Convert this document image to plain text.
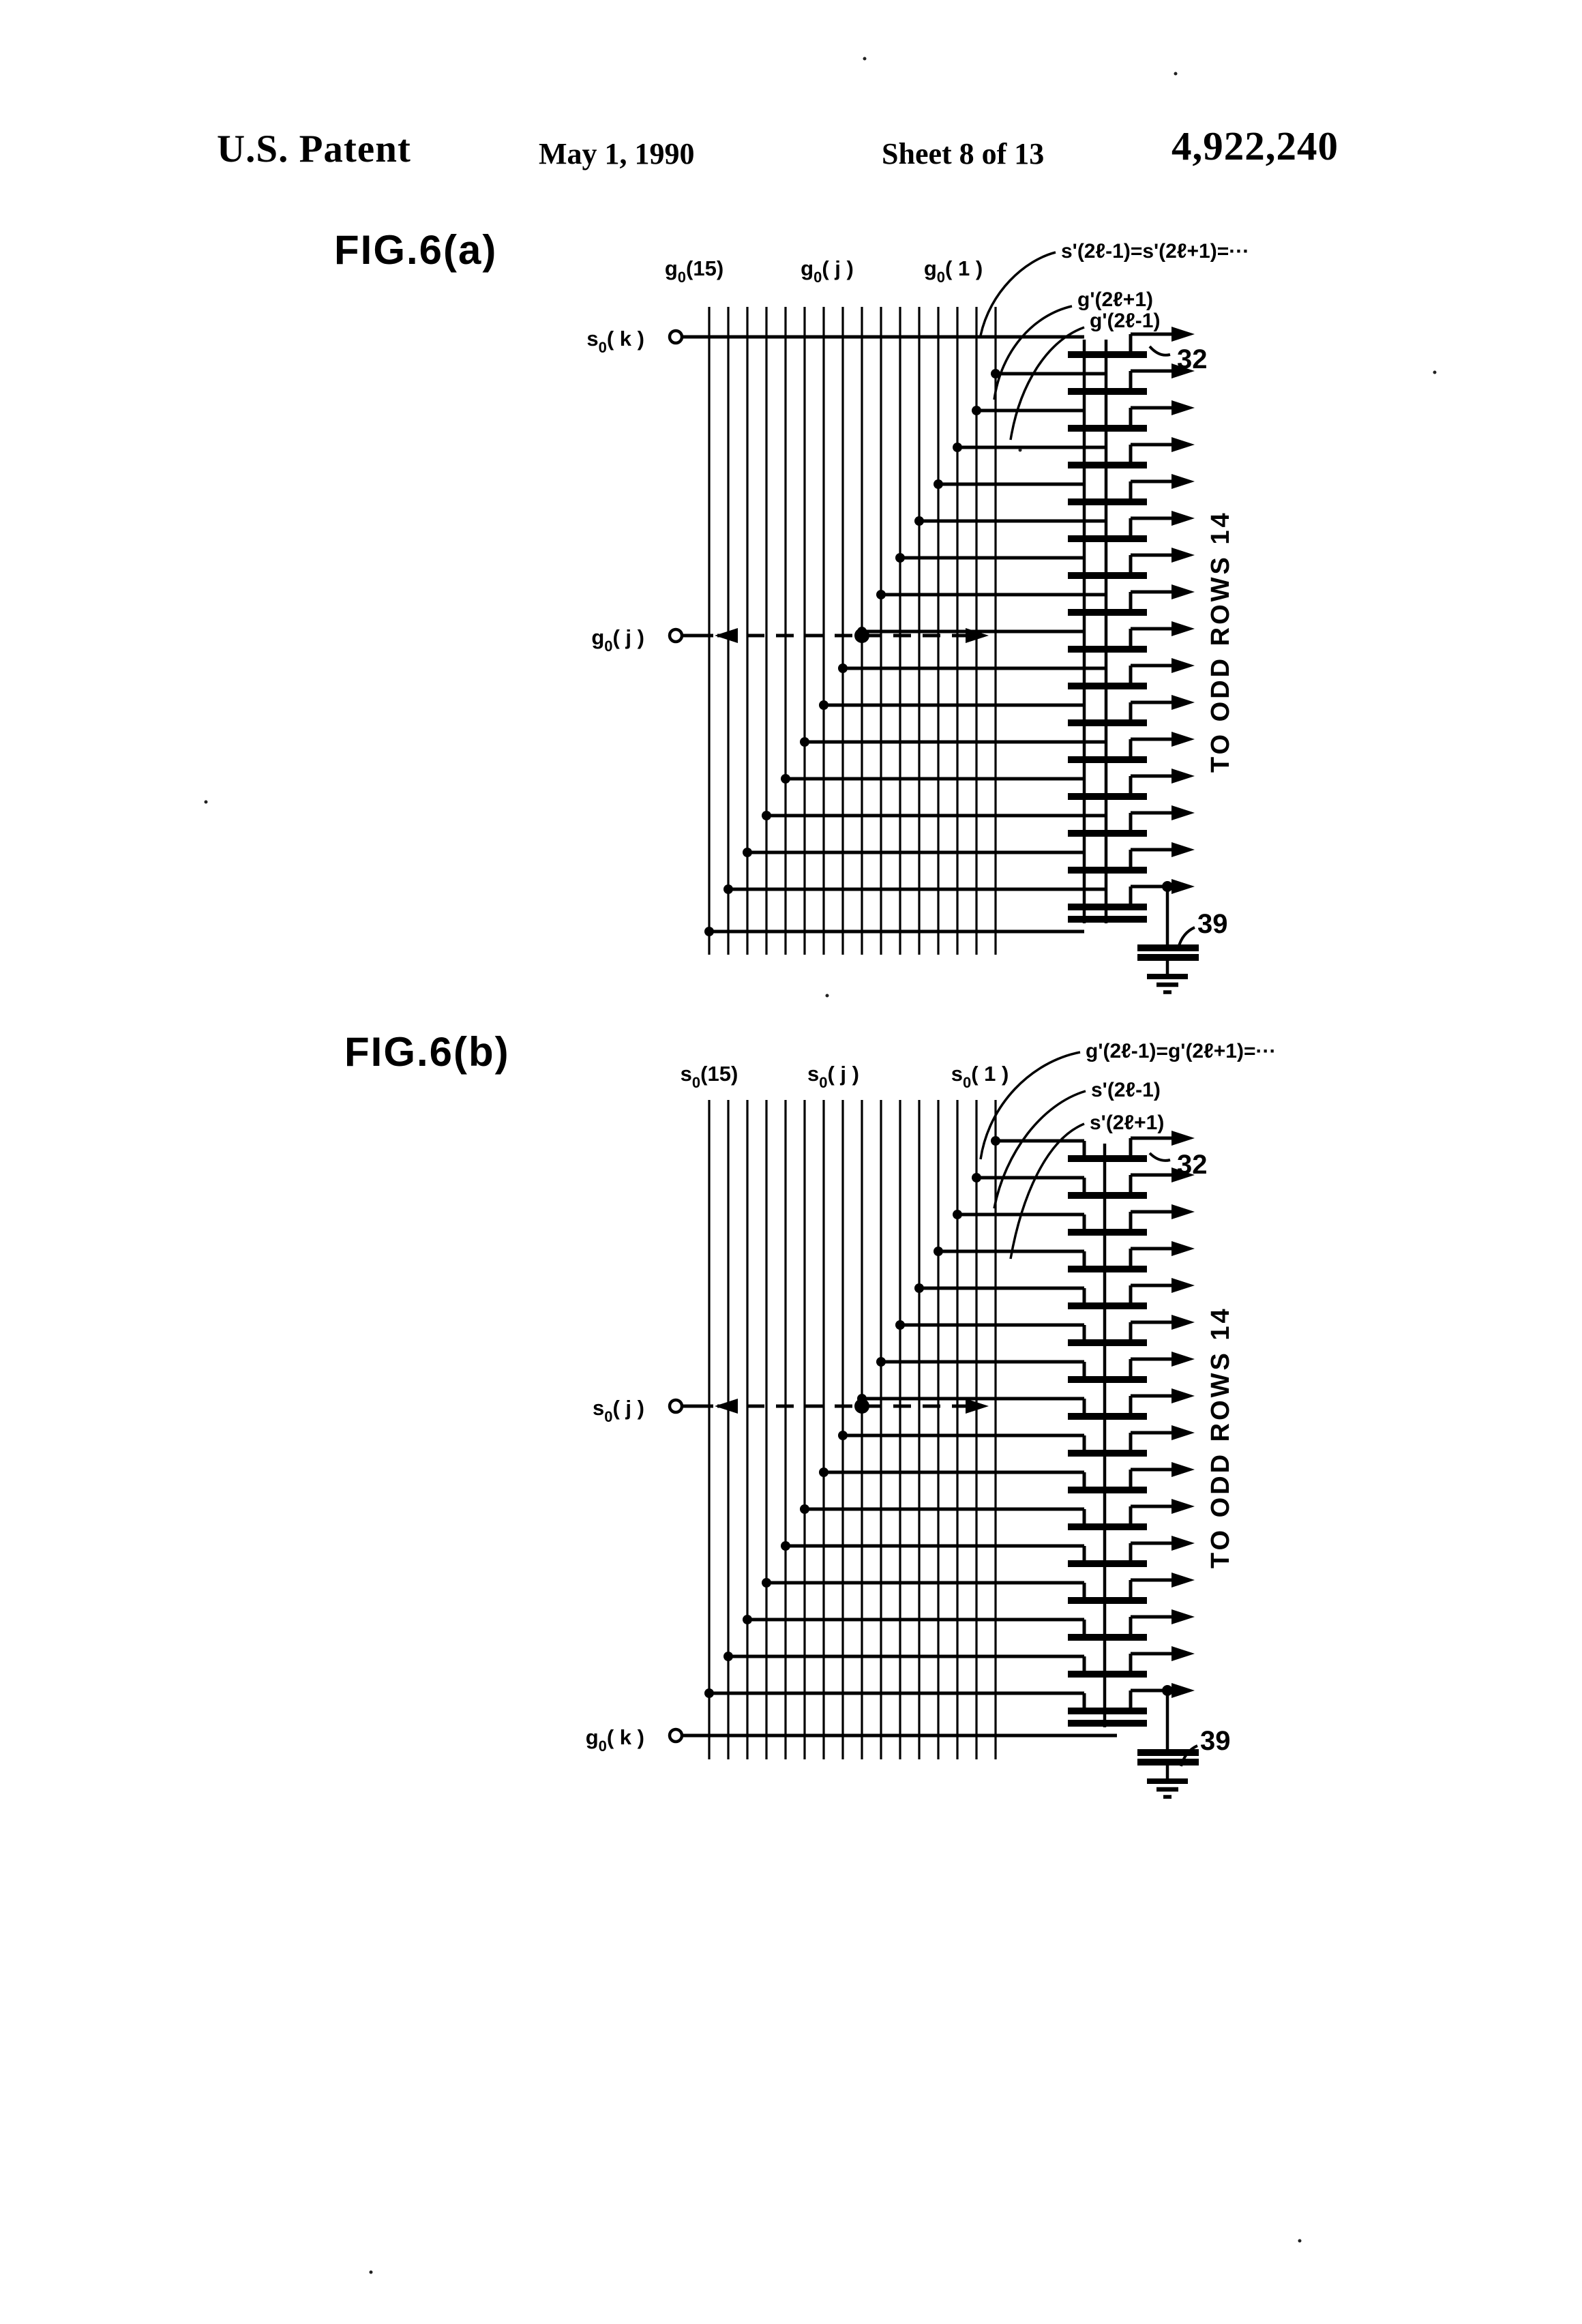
U.S. Patent	May 1, 1990	Sheet 8 of 13	4,922,240
FIG.6(a)
FIG.6(b)
$s_0$( k )
$g_0$( j )
$g_0(15)$	$g_0$( j )	$g_0$( 1 )
s'(2ℓ-1)=s'(2ℓ+1)=···
g'(2ℓ+1)
g'(2ℓ-1)
32
39
TO ODD ROWS 14
$g_0$( k )
$s_0$( j )
$s_0(15)$	$s_0$( j )	$s_0$( 1 )
g'(2ℓ-1)=g'(2ℓ+1)=···
s'(2ℓ-1)
s'(2ℓ+1)
32
39
TO ODD ROWS 14
